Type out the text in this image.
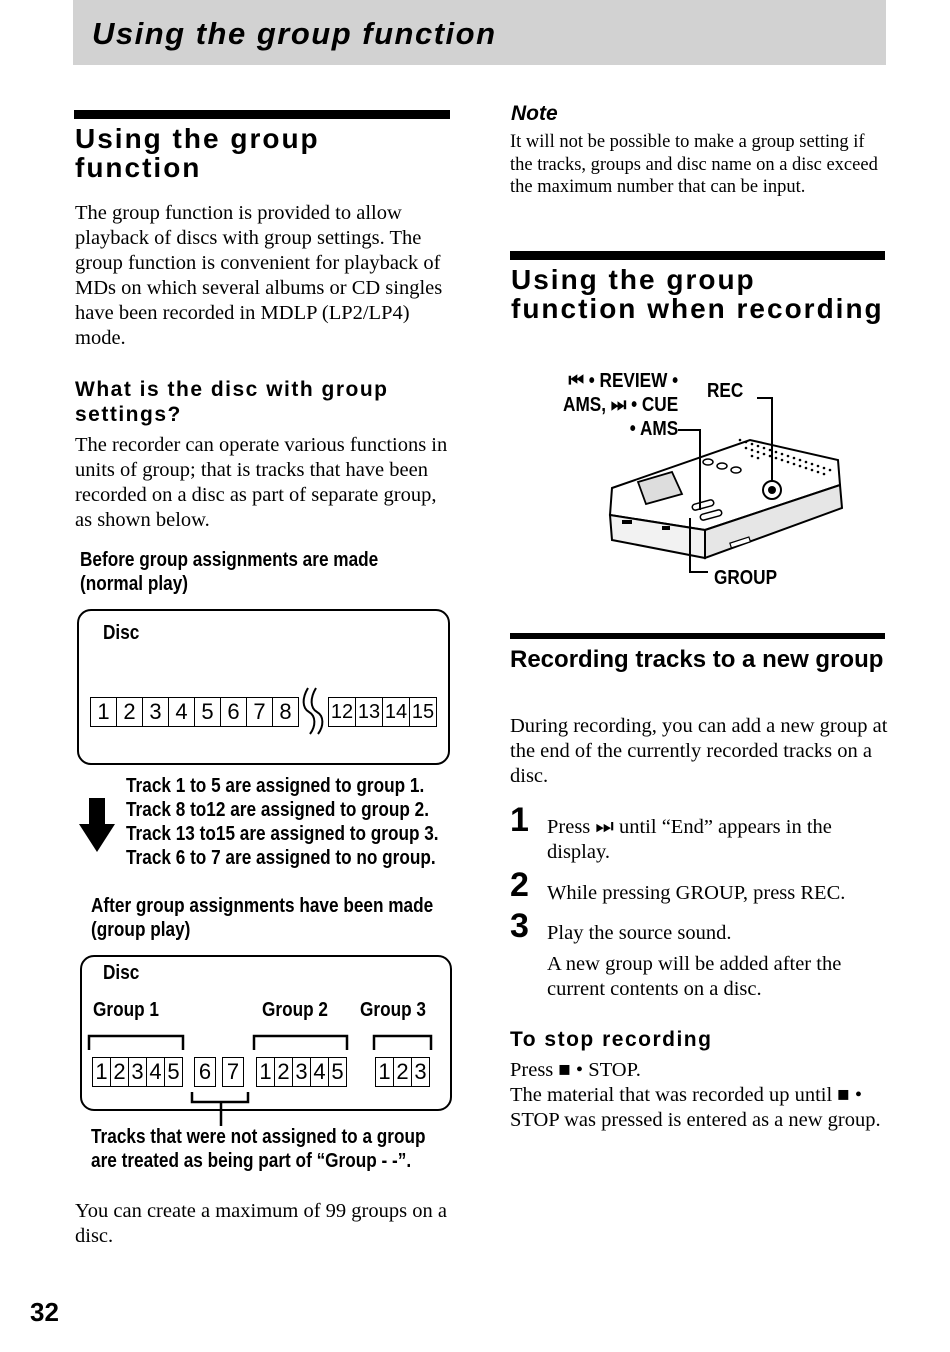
Using the group function
Using the group function

The group function is provided to allow playback of discs with group settings. The group function is convenient for playback of MDs on which several albums or CD singles have been recorded in MDLP (LP2/LP4) mode.

What is the disc with group settings?

The recorder can operate various functions in units of group; that is tracks that have been recorded on a disc as part of separate group, as shown below.

Before group assignments are made
(normal play)
Disc
1 2 3 4 5 6 7 8	12 13 14 15
Track 1 to 5 are assigned to group 1.
Track 8 to12 are assigned to group 2.
Track 13 to15 are assigned to group 3.
Track 6 to 7 are assigned to no group.
After group assignments have been made
(group play)
Disc
Group 1	Group 2 Group 3
1 2 3 4 5 6 7 1 2 3 4 5 1 2 3
Tracks that were not assigned to a group
are treated as being part of “Group - -”.

You can create a maximum of 99 groups on a disc.

32
Note

It will not be possible to make a group setting if the tracks, groups and disc name on a disc exceed the maximum number that can be input.

Using the group function when recording
⏮ • REVIEW •
AMS, ⏭ • CUE
• AMS
REC
GROUP
Recording tracks to a new group

During recording, you can add a new group at the end of the currently recorded tracks on a disc.

1 Press ⏭ until “End” appears in the display.

2 While pressing GROUP, press REC.

3 Play the source sound.

A new group will be added after the current contents on a disc.

To stop recording

Press ■ • STOP.

The material that was recorded up until ■ • STOP was pressed is entered as a new group.
